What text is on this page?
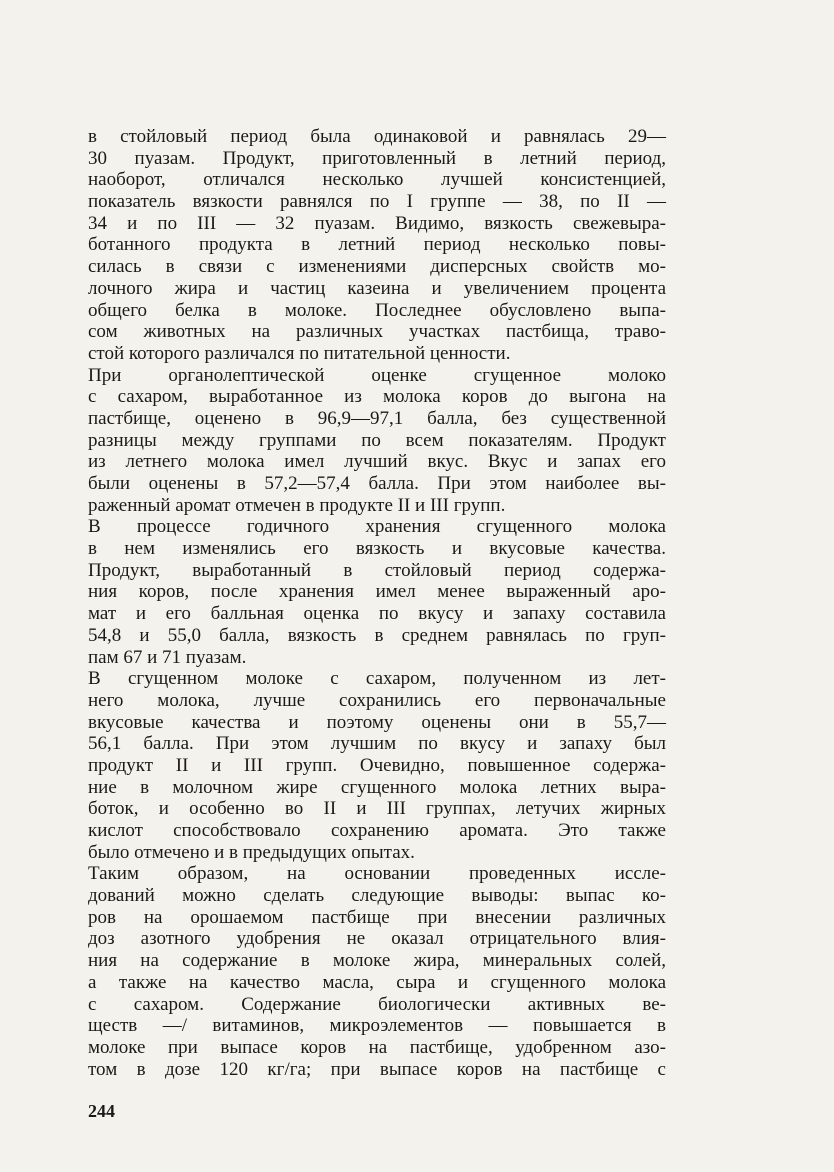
в стойловый период была одинаковой и равнялась 29—
30 пуазам. Продукт, приготовленный в летний период,
наоборот, отличался несколько лучшей консистенцией,
показатель вязкости равнялся по I группе — 38, по II —
34 и по III — 32 пуазам. Видимо, вязкость свежевыра-
ботанного продукта в летний период несколько повы-
силась в связи с изменениями дисперсных свойств мо-
лочного жира и частиц казеина и увеличением процента
общего белка в молоке. Последнее обусловлено выпа-
сом животных на различных участках пастбища, траво-
стой которого различался по питательной ценности.
При органолептической оценке сгущенное молоко
с сахаром, выработанное из молока коров до выгона на
пастбище, оценено в 96,9—97,1 балла, без существенной
разницы между группами по всем показателям. Продукт
из летнего молока имел лучший вкус. Вкус и запах его
были оценены в 57,2—57,4 балла. При этом наиболее вы-
раженный аромат отмечен в продукте II и III групп.
В процессе годичного хранения сгущенного молока
в нем изменялись его вязкость и вкусовые качества.
Продукт, выработанный в стойловый период содержа-
ния коров, после хранения имел менее выраженный аро-
мат и его балльная оценка по вкусу и запаху составила
54,8 и 55,0 балла, вязкость в среднем равнялась по груп-
пам 67 и 71 пуазам.
В сгущенном молоке с сахаром, полученном из лет-
него молока, лучше сохранились его первоначальные
вкусовые качества и поэтому оценены они в 55,7—
56,1 балла. При этом лучшим по вкусу и запаху был
продукт II и III групп. Очевидно, повышенное содержа-
ние в молочном жире сгущенного молока летних выра-
боток, и особенно во II и III группах, летучих жирных
кислот способствовало сохранению аромата. Это также
было отмечено и в предыдущих опытах.
Таким образом, на основании проведенных иссле-
дований можно сделать следующие выводы: выпас ко-
ров на орошаемом пастбище при внесении различных
доз азотного удобрения не оказал отрицательного влия-
ния на содержание в молоке жира, минеральных солей,
а также на качество масла, сыра и сгущенного молока
с сахаром. Содержание биологически активных ве-
ществ —/ витаминов, микроэлементов — повышается в
молоке при выпасе коров на пастбище, удобренном азо-
том в дозе 120 кг/га; при выпасе коров на пастбище с
244
